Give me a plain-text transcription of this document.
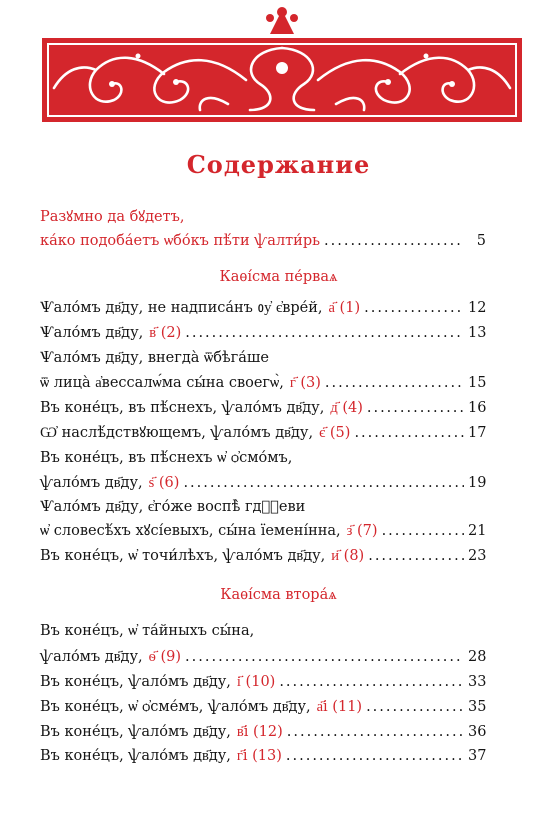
Содержание
Разꙋмно да бꙋдетъ,
ка́ко подоба́етъ ѡбо́къ пѣ́ти ѱалти́рь .....	5
Каѳі́сма пе́рваѧ
Ѱало́мъ дв҃ду, не надписа́нъ ᲂу҆ є҆вре́й, а҃ (1) .....	12
Ѱало́мъ дв҃ду, в҃ (2) .....	13
Ѱало́мъ дв҃ду, внегда̀ ѿбѣга́ше
ѿ лица̀ а҆вессалѡ́ма сы́на своегѡ̀, г҃ (3) .....	15
Въ коне́цъ, въ пѣ́снехъ, ѱало́мъ дв҃ду, д҃ (4) .....	16
Ѡ҆ наслѣ́дствꙋющемъ, ѱало́мъ дв҃ду, є҃ (5) .....	17
Въ коне́цъ, въ пѣ́снехъ ѡ҆ ѻ҆смо́мъ,
ѱало́мъ дв҃ду, ѕ҃ (6) .....	19
Ѱало́мъ дв҃ду, є҆го́же воспѣ̀ гдⷭ҇еви
ѡ҆ словесѣ́хъ хꙋсі́евыхъ, сы́на їемені́нна, з҃ (7) .....	21
Въ коне́цъ, ѡ҆ точи́лѣхъ, ѱало́мъ дв҃ду, и҃ (8) .....	23
Каѳі́сма втора́ѧ
Въ коне́цъ, ѡ҆ та́йныхъ сы́на,
ѱало́мъ дв҃ду, ѳ҃ (9) .....	28
Въ коне́цъ, ѱало́мъ дв҃ду, і҃ (10) .....	33
Въ коне́цъ, ѡ҆ ѻ҆сме́мъ, ѱало́мъ дв҃ду, а҃і (11) .....	35
Въ коне́цъ, ѱало́мъ дв҃ду, в҃і (12) .....	36
Въ коне́цъ, ѱало́мъ дв҃ду, г҃і (13) .....	37
